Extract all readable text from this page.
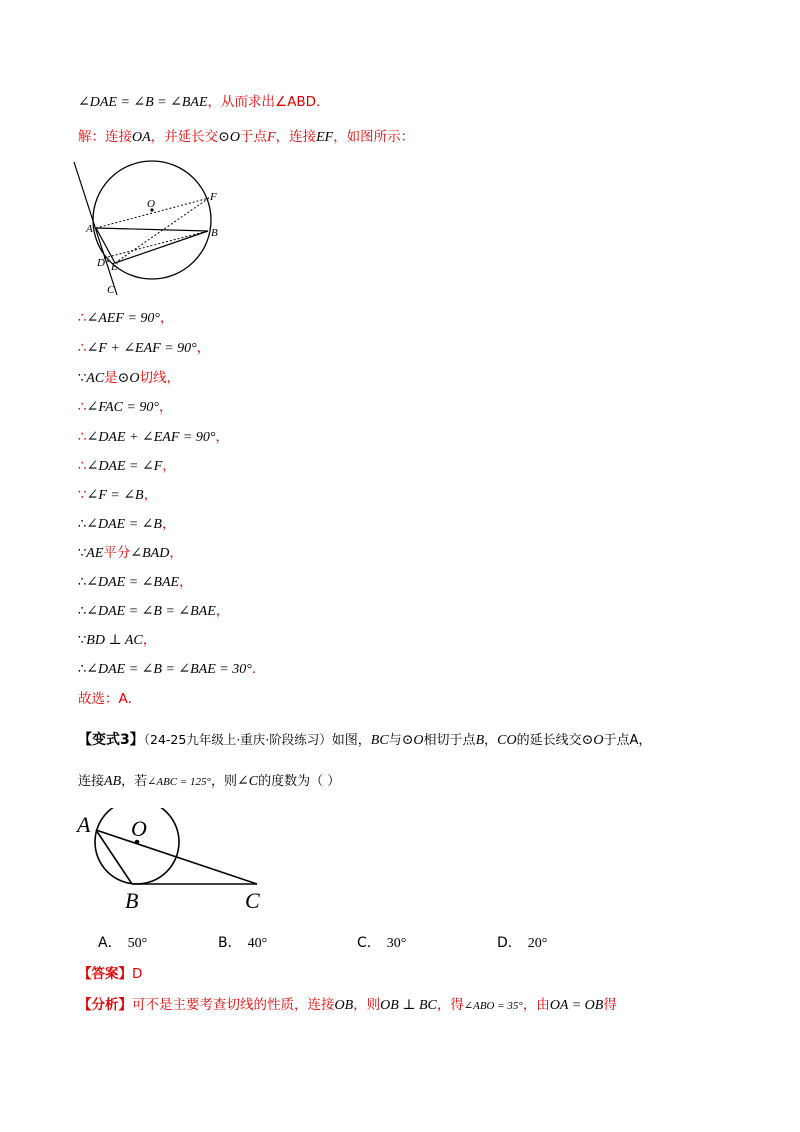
∠DAE = ∠B = ∠BAE，从而求出∠ABD．
解：连接OA，并延长交⊙O于点F，连接EF，如图所示：
O
F
A	B
D E
C
∴∠AEF = 90°，
∴∠F + ∠EAF = 90°，
∵AC是⊙O切线，
∴∠FAC = 90°，
∴∠DAE + ∠EAF = 90°，
∴∠DAE = ∠F，
∵∠F = ∠B，
∴∠DAE = ∠B，
∵AE平分∠BAD，
∴∠DAE = ∠BAE，
∴∠DAE = ∠B = ∠BAE，
∵BD ⊥ AC，
∴∠DAE = ∠B = ∠BAE = 30°．
故选：A．
【变式3】（24-25九年级上·重庆·阶段练习）如图，BC与⊙O相切于点B，CO的延长线交⊙O于点A，
连接AB，若∠ABC = 125°，则∠C的度数为（ ）
A O
B	C
A． 50°	B． 40°	C． 30°	D． 20°
【答案】D
【分析】可不是主要考查切线的性质，连接OB，则OB ⊥ BC，得∠ABO = 35°，由OA = OB得
